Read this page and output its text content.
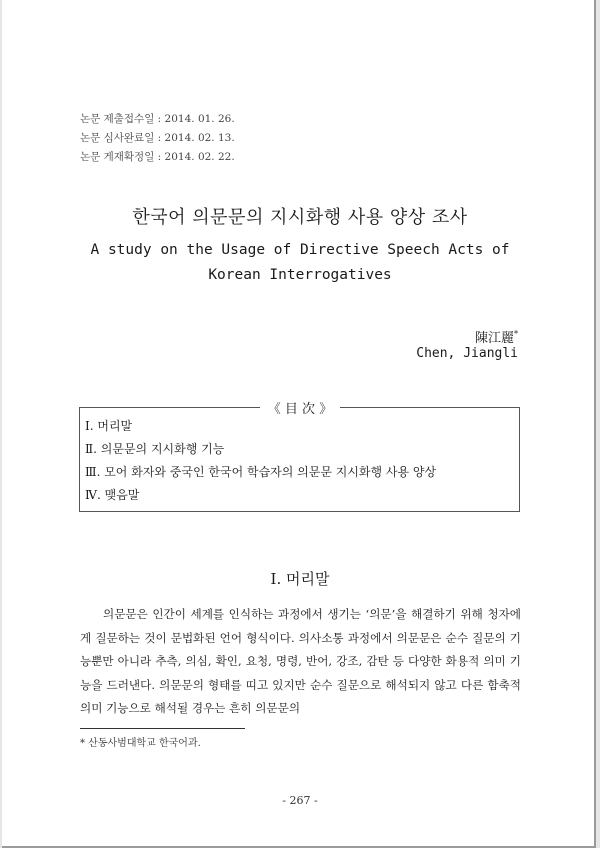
논문 제출접수일 : 2014. 01. 26.
논문 심사완료일 : 2014. 02. 13.
논문 게재확정일 : 2014. 02. 22.
한국어 의문문의 지시화행 사용 양상 조사
A study on the Usage of Directive Speech Acts of Korean Interrogatives
陳江麗*
Chen, Jiangli
《 目 次 》
Ⅰ. 머리말
Ⅱ. 의문문의 지시화행 기능
Ⅲ. 모어 화자와 중국인 한국어 학습자의 의문문 지시화행 사용 양상
Ⅳ. 맺음말
Ⅰ. 머리말

의문문은 인간이 세계를 인식하는 과정에서 생기는 ‘의문’을 해결하기 위해 청자에게 질문하는 것이 문법화된 언어 형식이다. 의사소통 과정에서 의문문은 순수 질문의 기능뿐만 아니라 추측, 의심, 확인, 요청, 명령, 반어, 강조, 감탄 등 다양한 화용적 의미 기능을 드러낸다. 의문문의 형태를 띠고 있지만 순수 질문으로 해석되지 않고 다른 함축적 의미 기능으로 해석될 경우는 흔히 의문문의

* 산동사범대학교 한국어과.
- 267 -
